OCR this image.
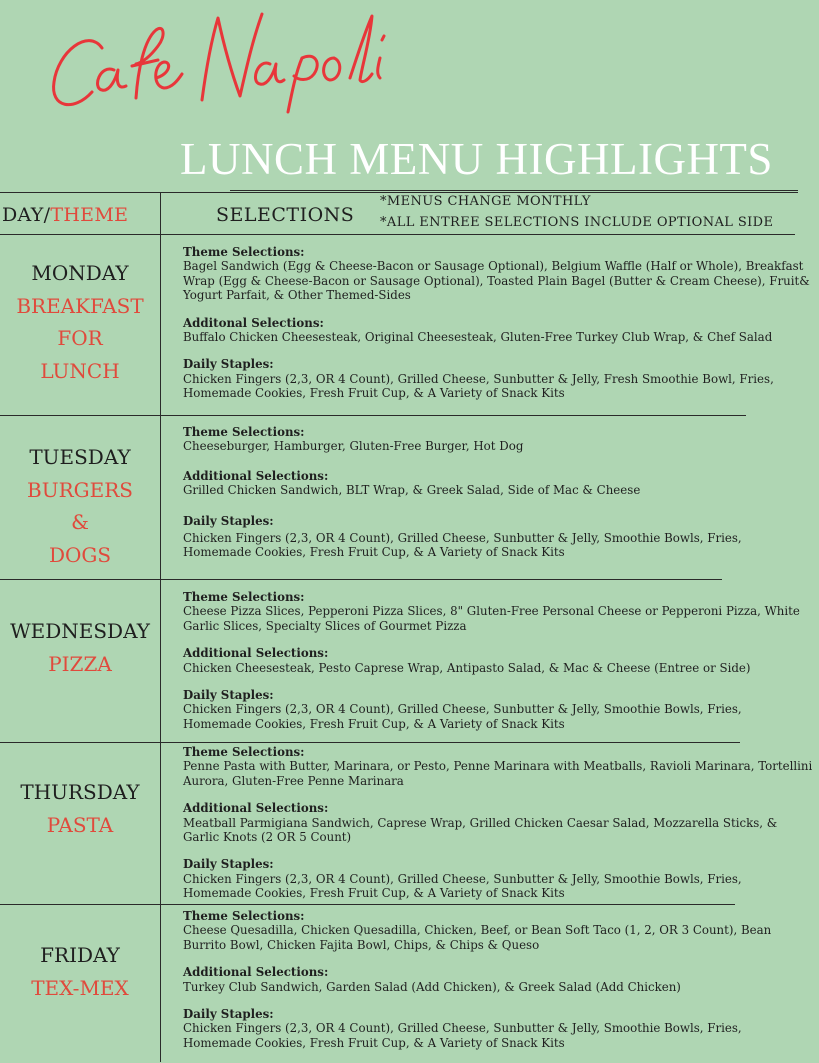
LUNCH MENU HIGHLIGHTS
DAY/THEME	SELECTIONS
*MENUS CHANGE MONTHLY
*ALL ENTREE SELECTIONS INCLUDE OPTIONAL SIDE
MONDAY
BREAKFAST
FOR
LUNCH
Theme Selections:
Bagel Sandwich (Egg & Cheese-Bacon or Sausage Optional), Belgium Waffle (Half or Whole), Breakfast Wrap (Egg & Cheese-Bacon or Sausage Optional), Toasted Plain Bagel (Butter & Cream Cheese), Fruit& Yogurt Parfait, & Other Themed-Sides
Additonal Selections:
Buffalo Chicken Cheesesteak, Original Cheesesteak, Gluten-Free Turkey Club Wrap, & Chef Salad
Daily Staples:
Chicken Fingers (2,3, OR 4 Count), Grilled Cheese, Sunbutter & Jelly, Fresh Smoothie Bowl, Fries, Homemade Cookies, Fresh Fruit Cup, & A Variety of Snack Kits
TUESDAY
BURGERS
&
DOGS
Theme Selections:
Cheeseburger, Hamburger, Gluten-Free Burger, Hot Dog
Additional Selections:
Grilled Chicken Sandwich, BLT Wrap, & Greek Salad, Side of Mac & Cheese
Daily Staples:
Chicken Fingers (2,3, OR 4 Count), Grilled Cheese, Sunbutter & Jelly, Smoothie Bowls, Fries, Homemade Cookies, Fresh Fruit Cup, & A Variety of Snack Kits
WEDNESDAY
PIZZA
Theme Selections:
Cheese Pizza Slices, Pepperoni Pizza Slices, 8" Gluten-Free Personal Cheese or Pepperoni Pizza, White Garlic Slices, Specialty Slices of Gourmet Pizza
Additional Selections:
Chicken Cheesesteak, Pesto Caprese Wrap, Antipasto Salad, & Mac & Cheese (Entree or Side)
Daily Staples:
Chicken Fingers (2,3, OR 4 Count), Grilled Cheese, Sunbutter & Jelly, Smoothie Bowls, Fries, Homemade Cookies, Fresh Fruit Cup, & A Variety of Snack Kits
THURSDAY
PASTA
Theme Selections:
Penne Pasta with Butter, Marinara, or Pesto, Penne Marinara with Meatballs, Ravioli Marinara, Tortellini Aurora, Gluten-Free Penne Marinara
Additional Selections:
Meatball Parmigiana Sandwich, Caprese Wrap, Grilled Chicken Caesar Salad, Mozzarella Sticks, & Garlic Knots (2 OR 5 Count)
Daily Staples:
Chicken Fingers (2,3, OR 4 Count), Grilled Cheese, Sunbutter & Jelly, Smoothie Bowls, Fries, Homemade Cookies, Fresh Fruit Cup, & A Variety of Snack Kits
FRIDAY
TEX-MEX
Theme Selections:
Cheese Quesadilla, Chicken Quesadilla, Chicken, Beef, or Bean Soft Taco (1, 2, OR 3 Count), Bean Burrito Bowl, Chicken Fajita Bowl, Chips, & Chips & Queso
Additional Selections:
Turkey Club Sandwich, Garden Salad (Add Chicken), & Greek Salad (Add Chicken)
Daily Staples:
Chicken Fingers (2,3, OR 4 Count), Grilled Cheese, Sunbutter & Jelly, Smoothie Bowls, Fries, Homemade Cookies, Fresh Fruit Cup, & A Variety of Snack Kits
